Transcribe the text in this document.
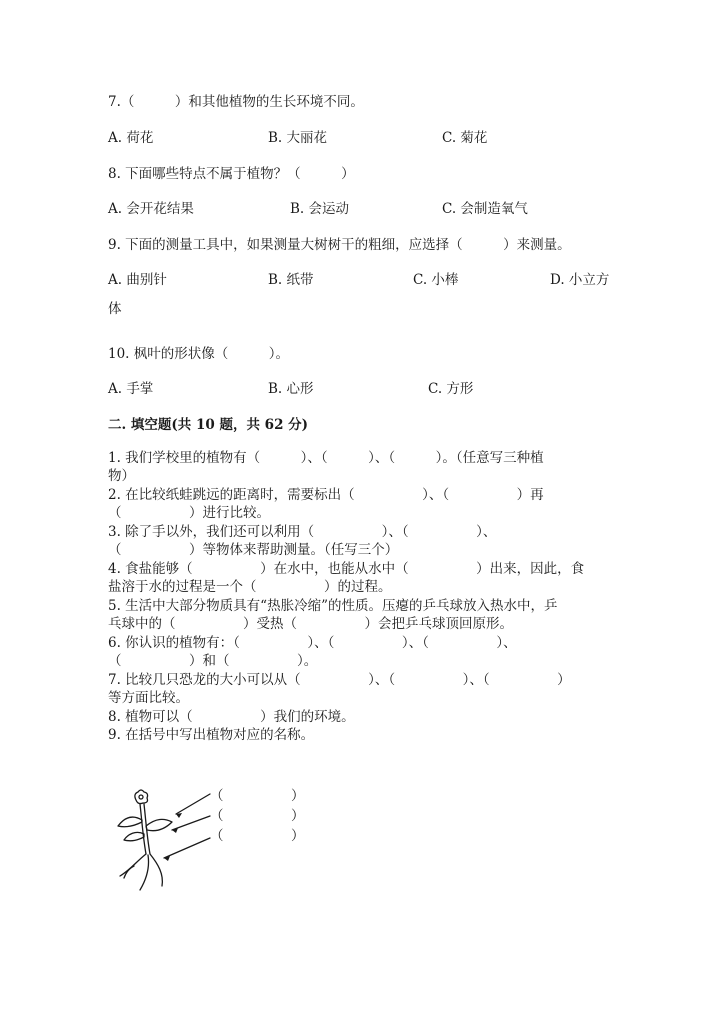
7.（　　　）和其他植物的生长环境不同。
A. 荷花	B. 大丽花	C. 菊花
8. 下面哪些特点不属于植物？（　　　）
A. 会开花结果	B. 会运动	C. 会制造氧气
9. 下面的测量工具中，如果测量大树树干的粗细，应选择（　　　）来测量。
A. 曲别针	B. 纸带	C. 小棒	D. 小立方
体
10. 枫叶的形状像（　　　）。
A. 手掌	B. 心形	C. 方形
二. 填空题(共 10 题，共 62 分)
1. 我们学校里的植物有（　　　）、（　　　）、（　　　）。（任意写三种植
物）
2. 在比较纸蛙跳远的距离时，需要标出（　　　　　）、（　　　　　）再
（　　　　　）进行比较。
3. 除了手以外，我们还可以利用（　　　　　）、（　　　　　）、
（　　　　　）等物体来帮助测量。（任写三个）
4. 食盐能够（　　　　　）在水中，也能从水中（　　　　　）出来，因此，食
盐溶于水的过程是一个（　　　　　）的过程。
5. 生活中大部分物质具有“热胀冷缩”的性质。压瘪的乒乓球放入热水中，乒
乓球中的（　　　　　）受热（　　　　　）会把乒乓球顶回原形。
6. 你认识的植物有：（　　　　　）、（　　　　　）、（　　　　　）、
（　　　　　）和（　　　　　）。
7. 比较几只恐龙的大小可以从（　　　　　）、（　　　　　）、（　　　　　）
等方面比较。
8. 植物可以（　　　　　）我们的环境。
9. 在括号中写出植物对应的名称。
（　　　　　）
（　　　　　）
（　　　　　）
